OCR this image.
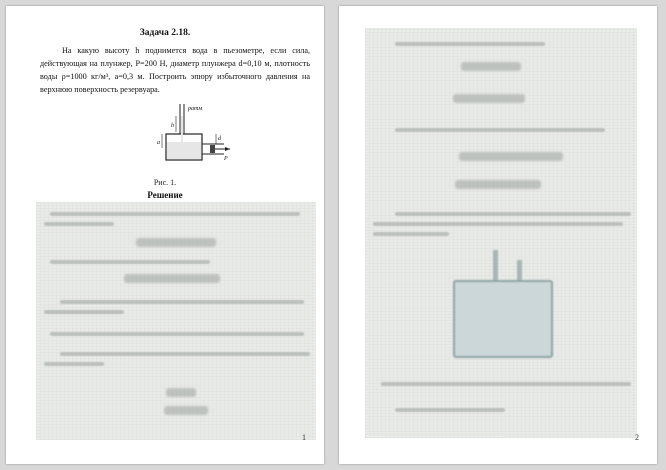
Задача 2.18.
На какую высоту h поднимется вода в пьезометре, если сила, действующая на плунжер, P=200 Н, диаметр плунжера d=0,10 м, плотность воды ρ=1000 кг/м³, a=0,3 м. Построить эпюру избыточного давления на верхнюю поверхность резервуара.
pатм
h
a
d
P
Рис. 1.
Решение
1	2
